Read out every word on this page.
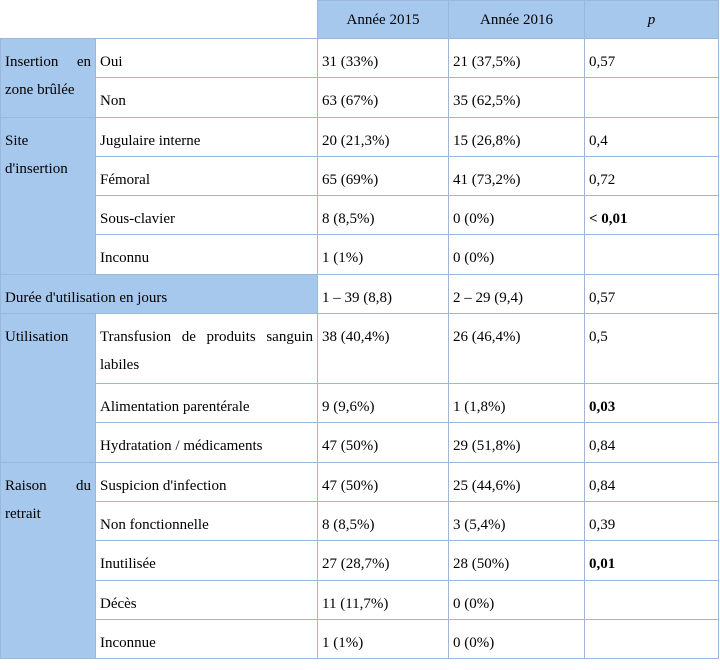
		Année 2015	Année 2016	p
Insertion en zone brûlée	Oui	31 (33%)	21 (37,5%)	0,57
	Non	63 (67%)	35 (62,5%)	
Site d'insertion	Jugulaire interne	20 (21,3%)	15 (26,8%)	0,4
	Fémoral	65 (69%)	41 (73,2%)	0,72
	Sous-clavier	8 (8,5%)	0 (0%)	< 0,01
	Inconnu	1 (1%)	0 (0%)	
Durée d'utilisation en jours		1 – 39 (8,8)	2 – 29 (9,4)	0,57
Utilisation	Transfusion de produits sanguin labiles	38 (40,4%)	26 (46,4%)	0,5
	Alimentation parentérale	9 (9,6%)	1 (1,8%)	0,03
	Hydratation / médicaments	47 (50%)	29 (51,8%)	0,84
Raison du retrait	Suspicion d'infection	47 (50%)	25 (44,6%)	0,84
	Non fonctionnelle	8 (8,5%)	3 (5,4%)	0,39
	Inutilisée	27 (28,7%)	28 (50%)	0,01
	Décès	11 (11,7%)	0 (0%)	
	Inconnue	1 (1%)	0 (0%)	
